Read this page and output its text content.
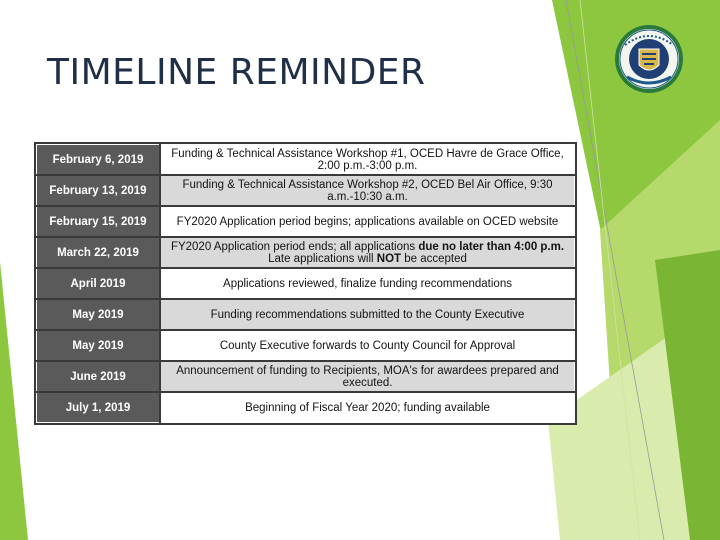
TIMELINE REMINDER
February 6, 2019	Funding & Technical Assistance Workshop #1, OCED Havre de Grace Office, 2:00 p.m.-3:00 p.m.
February 13, 2019	Funding & Technical Assistance Workshop #2, OCED Bel Air Office, 9:30 a.m.-10:30 a.m.
February 15, 2019	FY2020 Application period begins; applications available on OCED website
March 22, 2019	FY2020 Application period ends; all applications due no later than 4:00 p.m. Late applications will NOT be accepted
April 2019	Applications reviewed, finalize funding recommendations
May 2019	Funding recommendations submitted to the County Executive
May 2019	County Executive forwards to County Council for Approval
June 2019	Announcement of funding to Recipients, MOA's for awardees prepared and executed.
July 1, 2019	Beginning of Fiscal Year 2020; funding available
